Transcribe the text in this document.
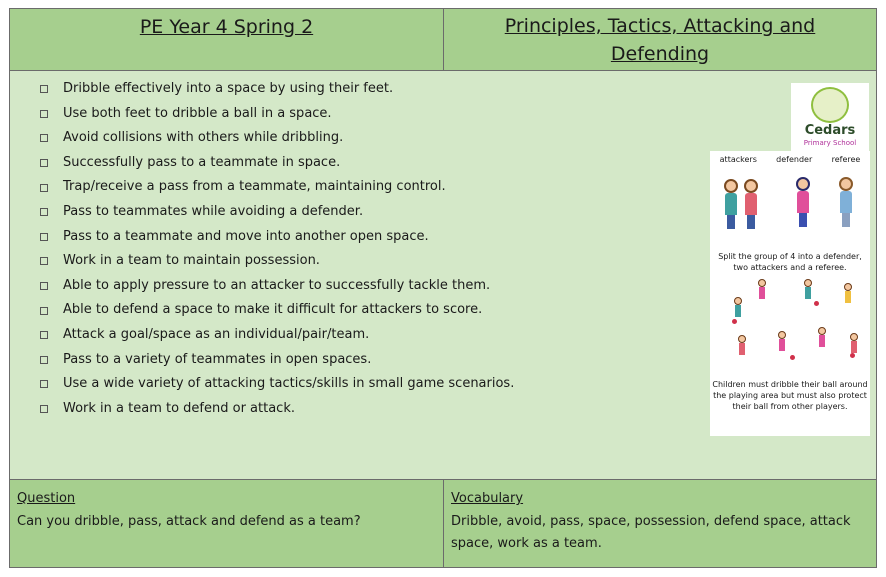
PE Year 4 Spring 2	Principles, Tactics, Attacking and Defending
Dribble effectively into a space by using their feet.
Use both feet to dribble a ball in a space.
Avoid collisions with others while dribbling.
Successfully pass to a teammate in space.
Trap/receive a pass from a teammate, maintaining control.
Pass to teammates while avoiding a defender.
Pass to a teammate and move into another open space.
Work in a team to maintain possession.
Able to apply pressure to an attacker to successfully tackle them.
Able to defend a space to make it difficult for attackers to score.
Attack a goal/space as an individual/pair/team.
Pass to a variety of teammates in open spaces.
Use a wide variety of attacking tactics/skills in small game scenarios.
Work in a team to defend or attack.
Cedars
Primary School
attackers defender referee
Split the group of 4 into a defender, two attackers and a referee.
Children must dribble their ball around the playing area but must also protect their ball from other players.
Question
Can you dribble, pass, attack and defend as a team?
Vocabulary
Dribble, avoid, pass, space, possession, defend space, attack space, work as a team.
